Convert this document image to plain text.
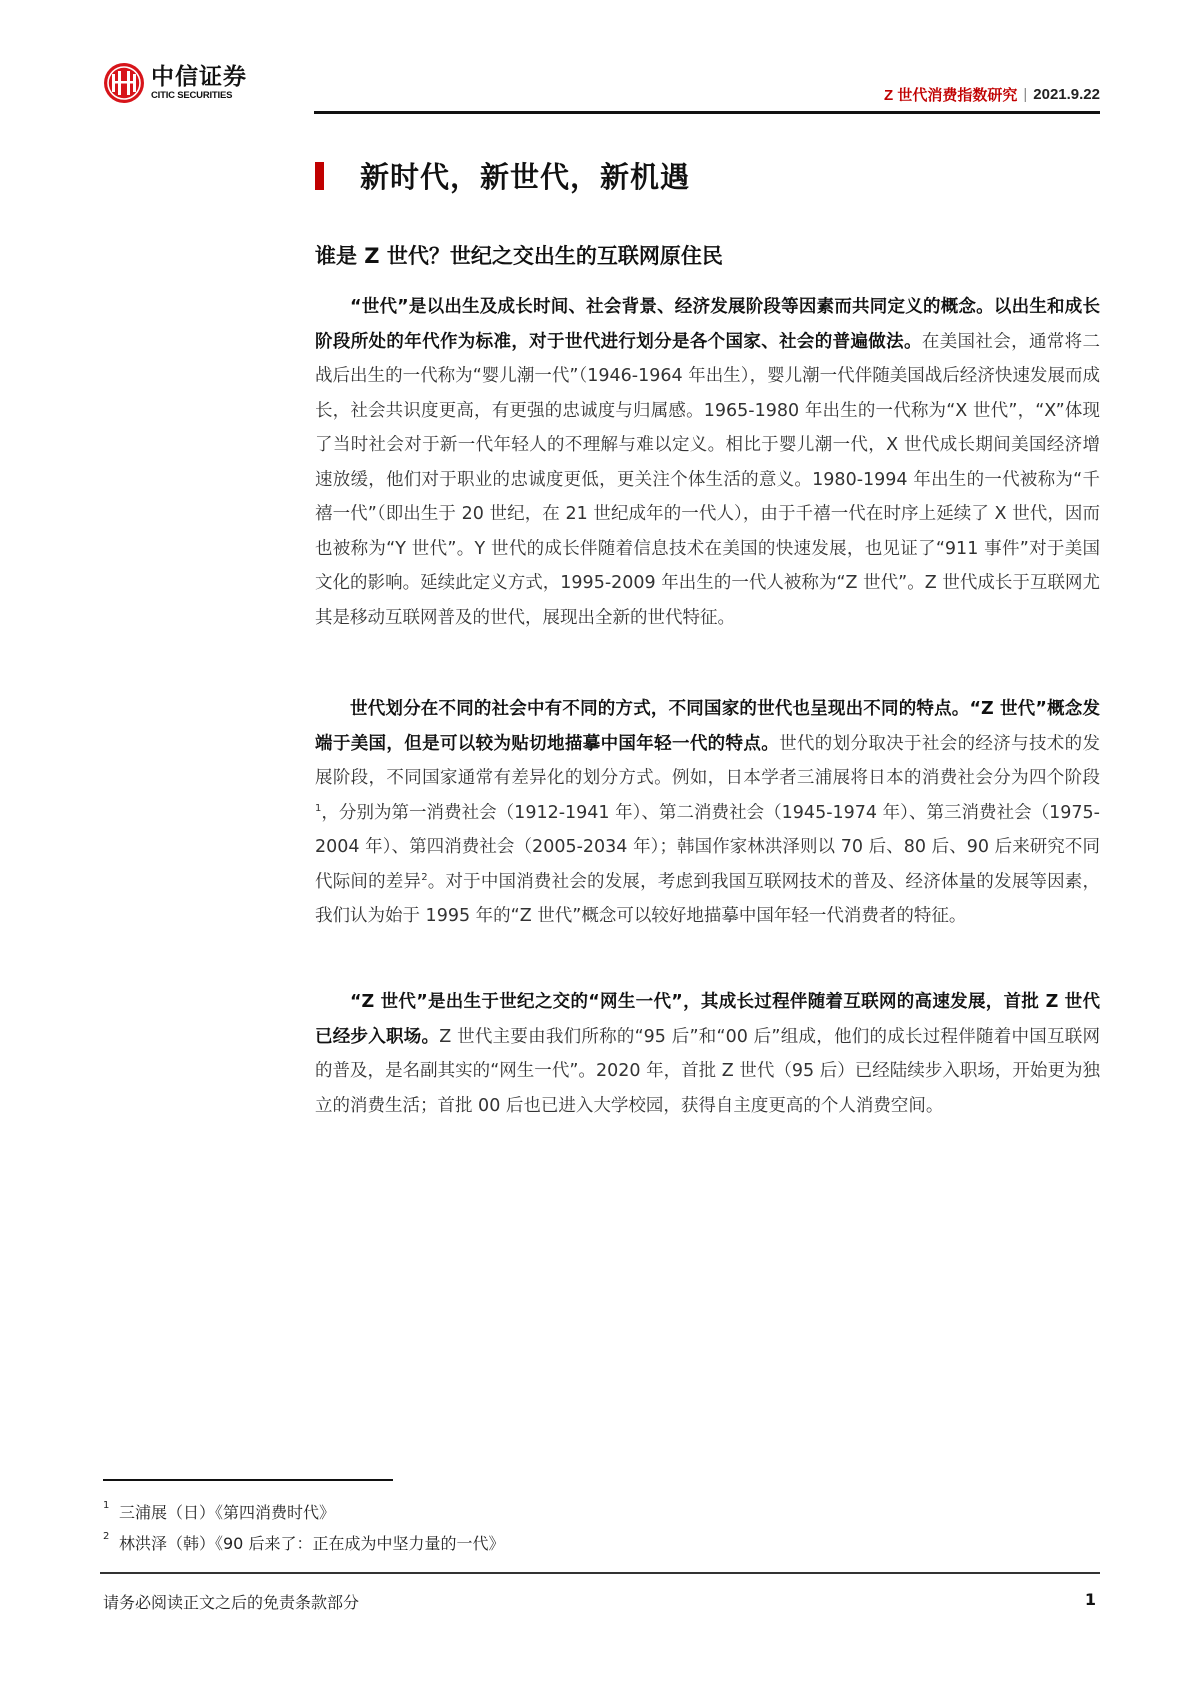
中信证券
CITIC SECURITIES	Z 世代消费指数研究 | 2021.9.22
新时代，新世代，新机遇
谁是 Z 世代？世纪之交出生的互联网原住民

“世代”是以出生及成长时间、社会背景、经济发展阶段等因素而共同定义的概念。以出生和成长阶段所处的年代作为标准，对于世代进行划分是各个国家、社会的普遍做法。在美国社会，通常将二战后出生的一代称为“婴儿潮一代”（1946-1964 年出生），婴儿潮一代伴随美国战后经济快速发展而成长，社会共识度更高，有更强的忠诚度与归属感。1965-1980 年出生的一代称为“X 世代”，“X”体现了当时社会对于新一代年轻人的不理解与难以定义。相比于婴儿潮一代，X 世代成长期间美国经济增速放缓，他们对于职业的忠诚度更低，更关注个体生活的意义。1980-1994 年出生的一代被称为“千禧一代”（即出生于 20 世纪，在 21 世纪成年的一代人），由于千禧一代在时序上延续了 X 世代，因而也被称为“Y 世代”。Y 世代的成长伴随着信息技术在美国的快速发展，也见证了“911 事件”对于美国文化的影响。延续此定义方式，1995-2009 年出生的一代人被称为“Z 世代”。Z 世代成长于互联网尤其是移动互联网普及的世代，展现出全新的世代特征。

世代划分在不同的社会中有不同的方式，不同国家的世代也呈现出不同的特点。“Z 世代”概念发端于美国，但是可以较为贴切地描摹中国年轻一代的特点。世代的划分取决于社会的经济与技术的发展阶段，不同国家通常有差异化的划分方式。例如，日本学者三浦展将日本的消费社会分为四个阶段$^1$，分别为第一消费社会（1912-1941 年）、第二消费社会（1945-1974 年）、第三消费社会（1975-2004 年）、第四消费社会（2005-2034 年）；韩国作家林洪泽则以 70 后、80 后、90 后来研究不同代际间的差异$^2$。对于中国消费社会的发展，考虑到我国互联网技术的普及、经济体量的发展等因素，我们认为始于 1995 年的“Z 世代”概念可以较好地描摹中国年轻一代消费者的特征。

“Z 世代”是出生于世纪之交的“网生一代”，其成长过程伴随着互联网的高速发展，首批 Z 世代已经步入职场。Z 世代主要由我们所称的“95 后”和“00 后”组成，他们的成长过程伴随着中国互联网的普及，是名副其实的“网生一代”。2020 年，首批 Z 世代（95 后）已经陆续步入职场，开始更为独立的消费生活；首批 00 后也已进入大学校园，获得自主度更高的个人消费空间。

1 三浦展（日）《第四消费时代》
2 林洪泽（韩）《90 后来了：正在成为中坚力量的一代》
请务必阅读正文之后的免责条款部分	1
